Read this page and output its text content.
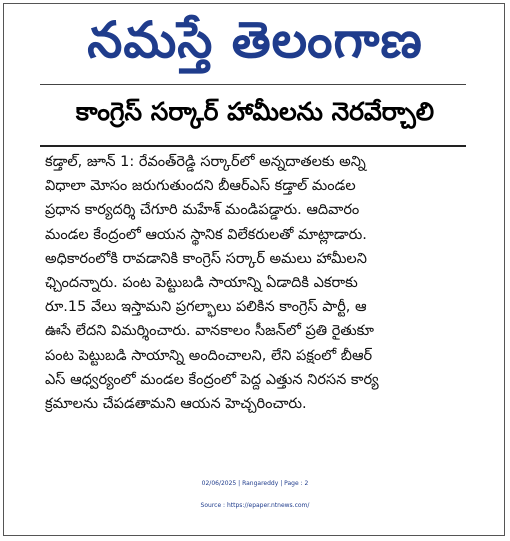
నమస్తే తెలంగాణ
కాంగ్రెస్ సర్కార్ హామీలను నెరవేర్చాలి
కడ్తాల్, జూన్ 1: రేవంత్‌రెడ్డి సర్కార్‌లో అన్నదాతలకు అన్ని
విధాలా మోసం జరుగుతుందని బీఆర్‌ఎస్ కడ్తాల్ మండల
ప్రధాన కార్యదర్శి చేగూరి మహేశ్ మండిపడ్డారు. ఆదివారం
మండల కేంద్రంలో ఆయన స్థానిక విలేకరులతో మాట్లాడారు.
అధికారంలోకి రావడానికి కాంగ్రెస్ సర్కార్ అమలు హామీలని
ఛ్చిందన్నారు. పంట పెట్టుబడి సాయాన్ని ఏడాదికి ఎకరాకు
రూ.15 వేలు ఇస్తామని ప్రగల్భాలు పలికిన కాంగ్రెస్ పార్టీ, ఆ
ఊసే లేదని విమర్శించారు. వానకాలం సీజన్‌లో ప్రతి రైతుకూ
పంట పెట్టుబడి సాయాన్ని అందించాలని, లేని పక్షంలో బీఆర్
ఎస్ ఆధ్వర్యంలో మండల కేంద్రంలో పెద్ద ఎత్తున నిరసన కార్య
క్రమాలను చేపడతామని ఆయన హెచ్చరించారు.
02/06/2025 | Rangareddy | Page : 2
Source : https://epaper.ntnews.com/
